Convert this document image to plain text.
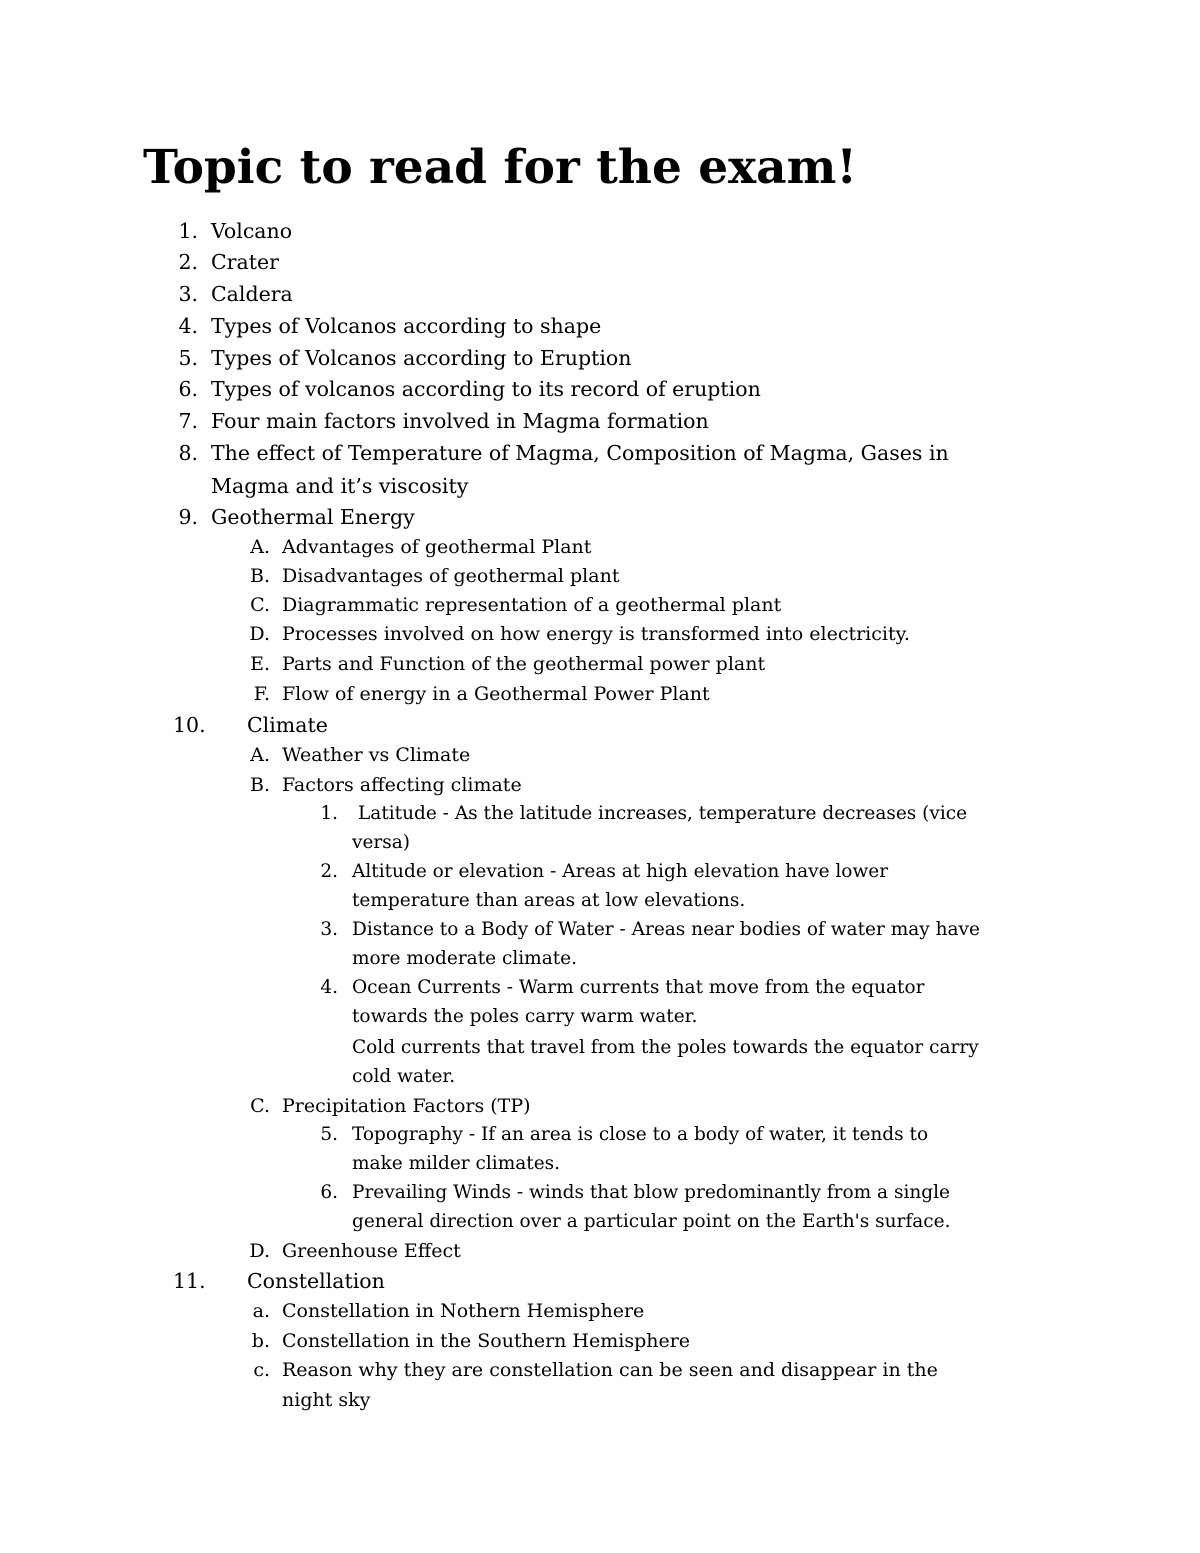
Topic to read for the exam!
1. Volcano
2. Crater
3. Caldera
4. Types of Volcanos according to shape
5. Types of Volcanos according to Eruption
6. Types of volcanos according to its record of eruption
7. Four main factors involved in Magma formation
8. The effect of Temperature of Magma, Composition of Magma, Gases in
Magma and it’s viscosity
9. Geothermal Energy
A. Advantages of geothermal Plant
B. Disadvantages of geothermal plant
C. Diagrammatic representation of a geothermal plant
D. Processes involved on how energy is transformed into electricity.
E. Parts and Function of the geothermal power plant
F. Flow of energy in a Geothermal Power Plant
10. Climate
A. Weather vs Climate
B. Factors affecting climate
1. Latitude - As the latitude increases, temperature decreases (vice
versa)
2. Altitude or elevation - Areas at high elevation have lower
temperature than areas at low elevations.
3. Distance to a Body of Water - Areas near bodies of water may have
more moderate climate.
4. Ocean Currents - Warm currents that move from the equator
towards the poles carry warm water.
Cold currents that travel from the poles towards the equator carry
cold water.
C. Precipitation Factors (TP)
5. Topography - If an area is close to a body of water, it tends to
make milder climates.
6. Prevailing Winds - winds that blow predominantly from a single
general direction over a particular point on the Earth's surface.
D. Greenhouse Effect
11. Constellation
a. Constellation in Nothern Hemisphere
b. Constellation in the Southern Hemisphere
c. Reason why they are constellation can be seen and disappear in the
night sky
